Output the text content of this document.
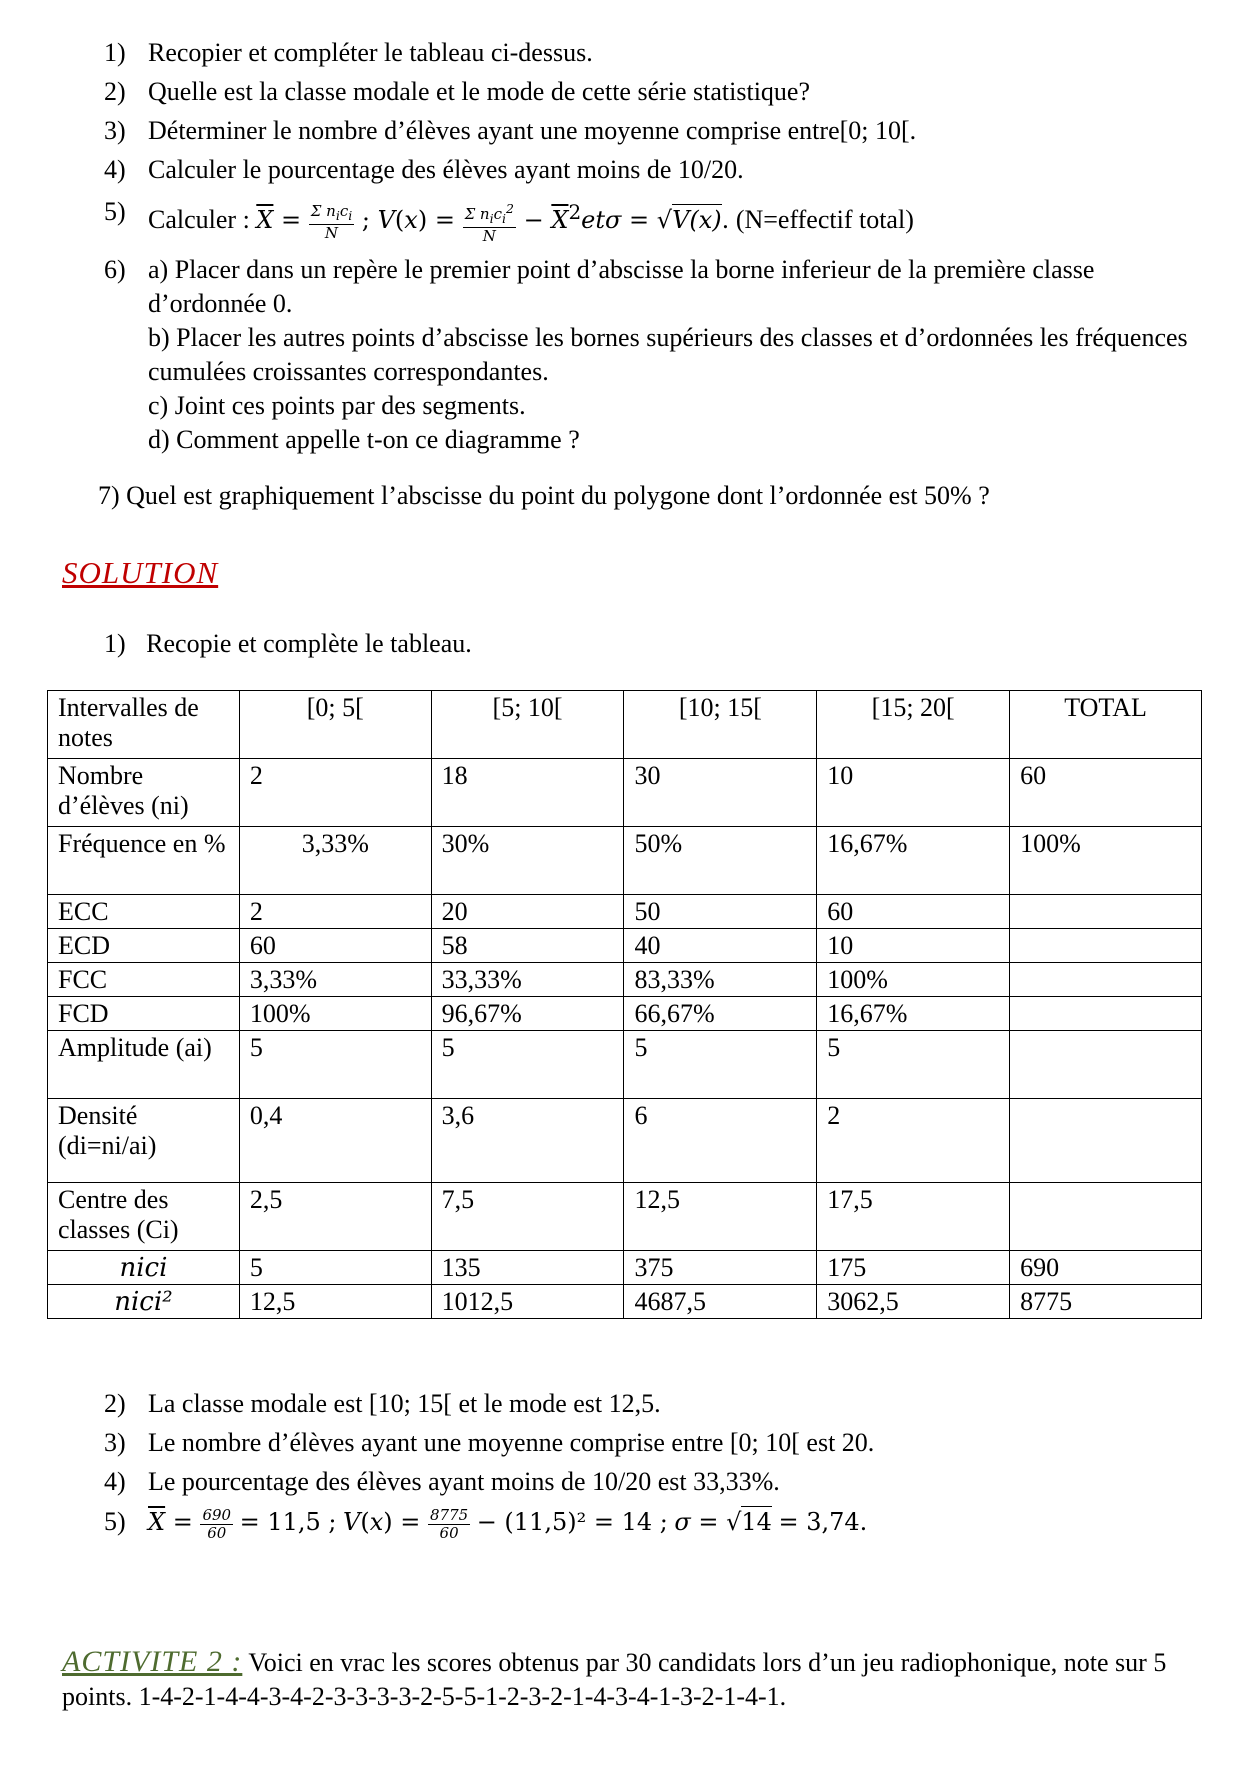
1) Recopier et compléter le tableau ci-dessus.
2) Quelle est la classe modale et le mode de cette série statistique?
3) Déterminer le nombre d’élèves ayant une moyenne comprise entre[0; 10[.
4) Calculer le pourcentage des élèves ayant moins de 10/20.
5) Calculer : $\overline{X} = \frac{\Sigma n_ic_i}{N}$ ; $V(x) = \frac{\Sigma n_ic_i^2}{N} - \overline{X}^2et\sigma = √V(x)$. (N=effectif total)
6) a) Placer dans un repère le premier point d’abscisse la borne inferieur de la première classe d’ordonnée 0.
b) Placer les autres points d’abscisse les bornes supérieurs des classes et d’ordonnées les fréquences cumulées croissantes correspondantes.
c) Joint ces points par des segments.
d) Comment appelle t-on ce diagramme ?
7) Quel est graphiquement l’abscisse du point du polygone dont l’ordonnée est 50% ?
SOLUTION
1) Recopie et complète le tableau.
Intervalles de notes	[0; 5[	[5; 10[	[10; 15[	[15; 20[	TOTAL
Nombre d’élèves (ni)	2	18	30	10	60
Fréquence en %	3,33%	30%	50%	16,67%	100%
ECC	2	20	50	60	
ECD	60	58	40	10	
FCC	3,33%	33,33%	83,33%	100%	
FCD	100%	96,67%	66,67%	16,67%	
Amplitude (ai)	5	5	5	5	
Densité (di=ni/ai)	0,4	3,6	6	2	
Centre des classes (Ci)	2,5	7,5	12,5	17,5	
nici	5	135	375	175	690
nici²	12,5	1012,5	4687,5	3062,5	8775
2) La classe modale est [10; 15[ et le mode est 12,5.
3) Le nombre d’élèves ayant une moyenne comprise entre [0; 10[ est 20.
4) Le pourcentage des élèves ayant moins de 10/20 est 33,33%.
5) $\overline{X} = \frac{690}{60} = 11,5$ ; $V(x) = \frac{8775}{60} - (11,5)^2 = 14$ ; σ = √14 = 3,74.
ACTIVITE 2 : Voici en vrac les scores obtenus par 30 candidats lors d’un jeu radiophonique, note sur 5 points. 1-4-2-1-4-4-3-4-2-3-3-3-3-2-5-5-1-2-3-2-1-4-3-4-1-3-2-1-4-1.
